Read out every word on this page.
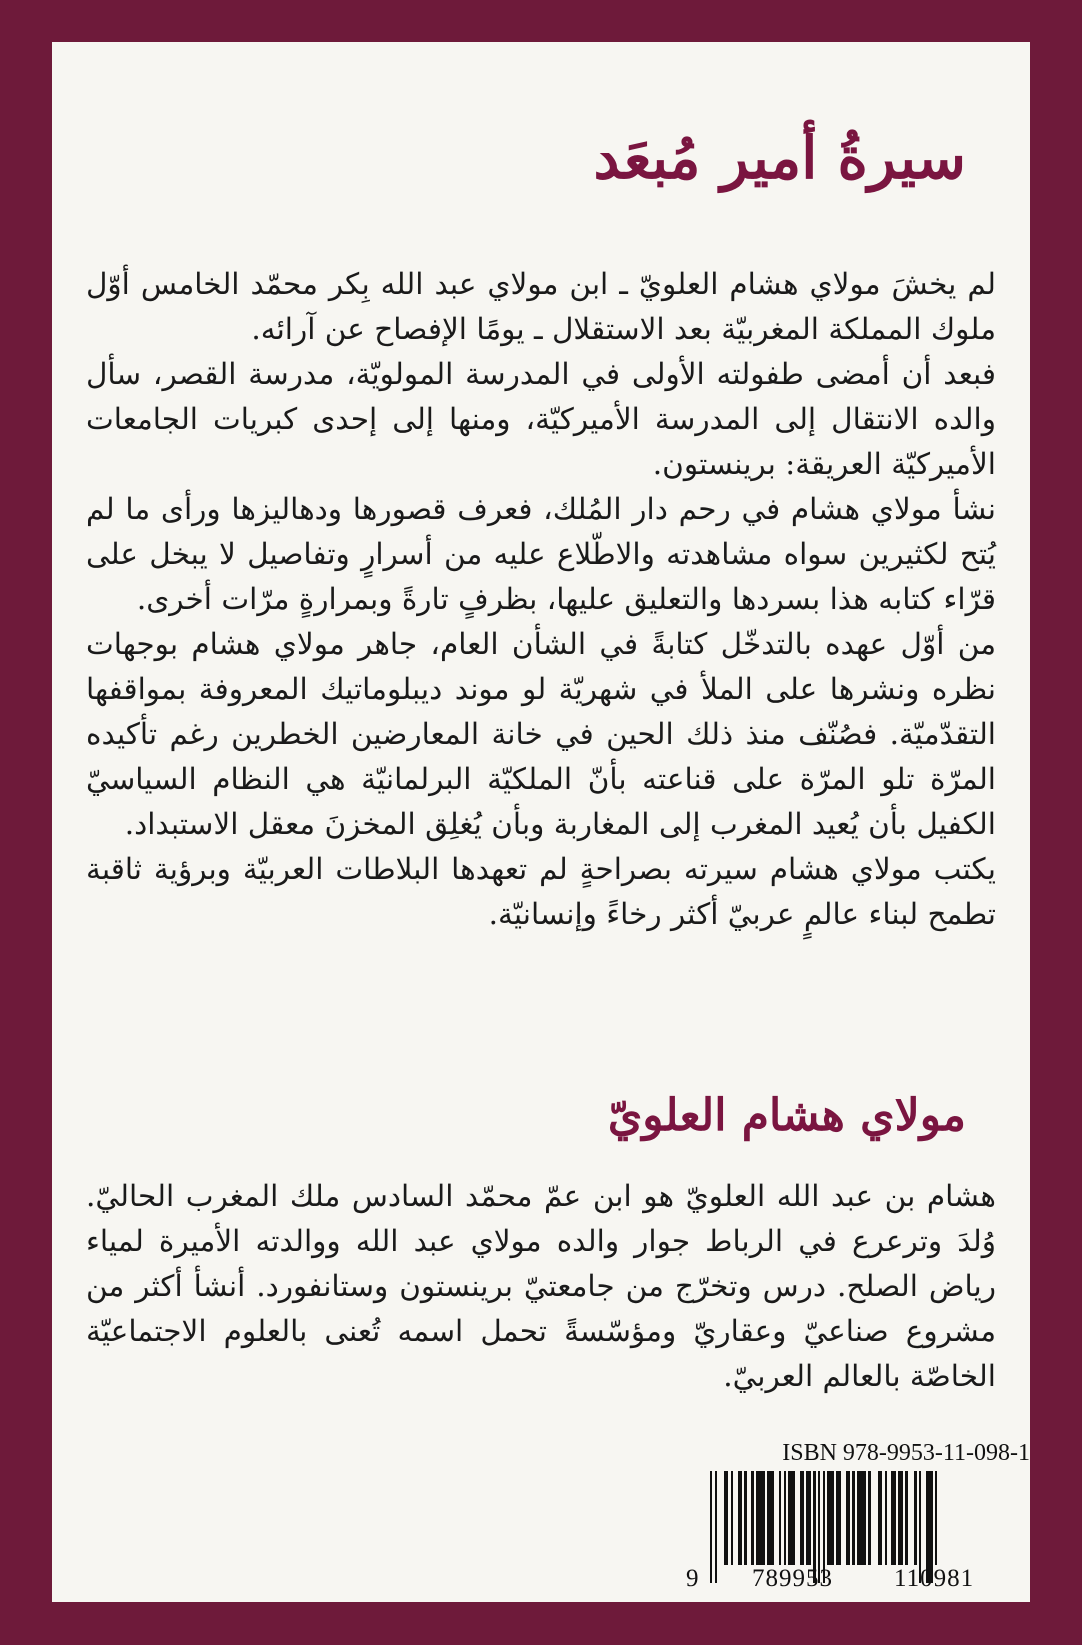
سيرةُ أمير مُبعَد

لم يخشَ مولاي هشام العلويّ ـ ابن مولاي عبد الله بِكر محمّد الخامس أوّل ملوك المملكة المغربيّة بعد الاستقلال ـ يومًا الإفصاح عن آرائه.

فبعد أن أمضى طفولته الأولى في المدرسة المولويّة، مدرسة القصر، سأل والده الانتقال إلى المدرسة الأميركيّة، ومنها إلى إحدى كبريات الجامعات الأميركيّة العريقة: برينستون.

نشأ مولاي هشام في رحم دار المُلك، فعرف قصورها ودهاليزها ورأى ما لم يُتح لكثيرين سواه مشاهدته والاطّلاع عليه من أسرارٍ وتفاصيل لا يبخل على قرّاء كتابه هذا بسردها والتعليق عليها، بظرفٍ تارةً وبمرارةٍ مرّات أخرى.

من أوّل عهده بالتدخّل كتابةً في الشأن العام، جاهر مولاي هشام بوجهات نظره ونشرها على الملأ في شهريّة لو موند ديبلوماتيك المعروفة بمواقفها التقدّميّة. فصُنّف منذ ذلك الحين في خانة المعارضين الخطرين رغم تأكيده المرّة تلو المرّة على قناعته بأنّ الملكيّة البرلمانيّة هي النظام السياسيّ الكفيل بأن يُعيد المغرب إلى المغاربة وبأن يُغلِق المخزنَ معقل الاستبداد.

يكتب مولاي هشام سيرته بصراحةٍ لم تعهدها البلاطات العربيّة وبرؤية ثاقبة تطمح لبناء عالمٍ عربيّ أكثر رخاءً وإنسانيّة.

مولاي هشام العلويّ

هشام بن عبد الله العلويّ هو ابن عمّ محمّد السادس ملك المغرب الحاليّ. وُلدَ وترعرع في الرباط جوار والده مولاي عبد الله ووالدته الأميرة لمياء رياض الصلح. درس وتخرّج من جامعتيّ برينستون وستانفورد. أنشأ أكثر من مشروع صناعيّ وعقاريّ ومؤسّسةً تحمل اسمه تُعنى بالعلوم الاجتماعيّة الخاصّة بالعالم العربيّ.

ISBN 978-9953-11-098-1
9 789953 110981
